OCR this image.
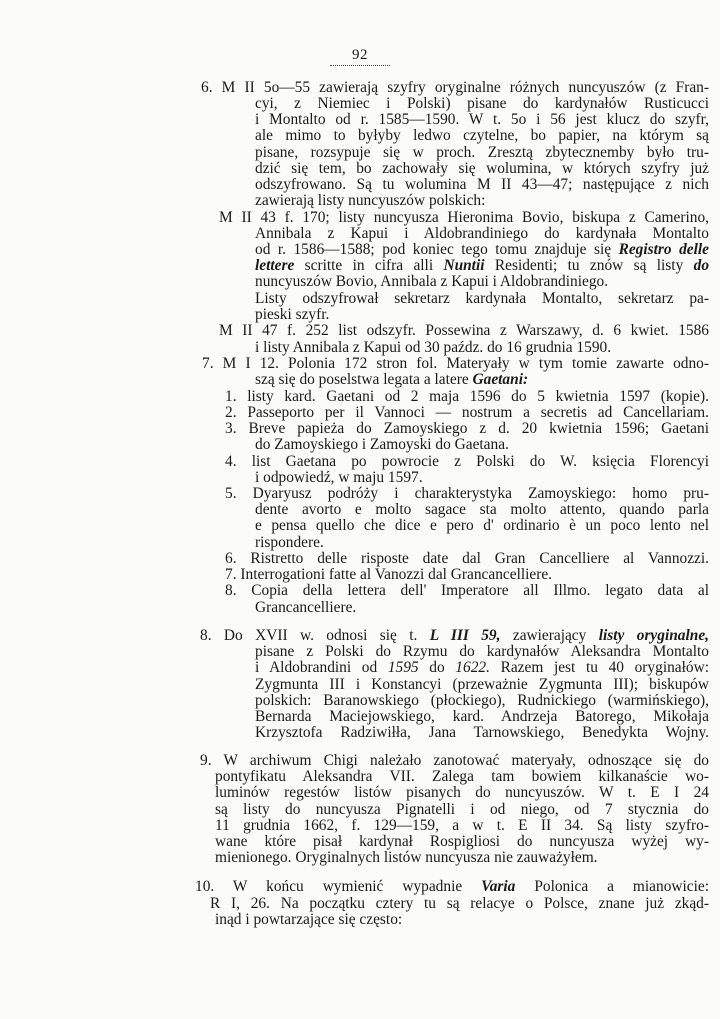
92
6. M II 5o—55 zawierają szyfry oryginalne różnych nuncyuszów (z Fran-
cyi, z Niemiec i Polski) pisane do kardynałów Rusticucci
i Montalto od r. 1585—1590. W t. 5o i 56 jest klucz do szyfr,
ale mimo to byłyby ledwo czytelne, bo papier, na którym są
pisane, rozsypuje się w proch. Zresztą zbytecznemby było tru-
dzić się tem, bo zachowały się wolumina, w których szyfry już
odszyfrowano. Są tu wolumina M II 43—47; następujące z nich
zawierają listy nuncyuszów polskich:
M II 43 f. 170; listy nuncyusza Hieronima Bovio, biskupa z Camerino,
Annibala z Kapui i Aldobrandiniego do kardynała Montalto
od r. 1586—1588; pod koniec tego tomu znajduje się Registro delle
lettere scritte in cifra alli Nuntii Residenti; tu znów są listy do
nuncyuszów Bovio, Annibala z Kapui i Aldobrandiniego.
Listy odszyfrował sekretarz kardynała Montalto, sekretarz pa-
pieski szyfr.
M II 47 f. 252 list odszyfr. Possewina z Warszawy, d. 6 kwiet. 1586
i listy Annibala z Kapui od 30 paźdz. do 16 grudnia 1590.
7. M I 12. Polonia 172 stron fol. Materyały w tym tomie zawarte odno-
szą się do poselstwa legata a latere Gaetani:
1. listy kard. Gaetani od 2 maja 1596 do 5 kwietnia 1597 (kopie).
2. Passeporto per il Vannoci — nostrum a secretis ad Cancellariam.
3. Breve papieża do Zamoyskiego z d. 20 kwietnia 1596; Gaetani
do Zamoyskiego i Zamoyski do Gaetana.
4. list Gaetana po powrocie z Polski do W. księcia Florencyi
i odpowiedź, w maju 1597.
5. Dyaryusz podróży i charakterystyka Zamoyskiego: homo pru-
dente avorto e molto sagace sta molto attento, quando parla
e pensa quello che dice e pero d' ordinario è un poco lento nel
rispondere.
6. Ristretto delle risposte date dal Gran Cancelliere al Vannozzi.
7. Interrogationi fatte al Vanozzi dal Grancancelliere.
8. Copia della lettera dell' Imperatore all Illmo. legato data al
Grancancelliere.
8. Do XVII w. odnosi się t. L III 59, zawierający listy oryginalne,
pisane z Polski do Rzymu do kardynałów Aleksandra Montalto
i Aldobrandini od 1595 do 1622. Razem jest tu 40 oryginałów:
Zygmunta III i Konstancyi (przeważnie Zygmunta III); biskupów
polskich: Baranowskiego (płockiego), Rudnickiego (warmińskiego),
Bernarda Maciejowskiego, kard. Andrzeja Batorego, Mikołaja
Krzysztofa Radziwiłła, Jana Tarnowskiego, Benedykta Wojny.
9. W archiwum Chigi należało zanotować materyały, odnoszące się do
pontyfikatu Aleksandra VII. Zalega tam bowiem kilkanaście wo-
luminów regestów listów pisanych do nuncyuszów. W t. E I 24
są listy do nuncyusza Pignatelli i od niego, od 7 stycznia do
11 grudnia 1662, f. 129—159, a w t. E II 34. Są listy szyfro-
wane które pisał kardynał Rospigliosi do nuncyusza wyżej wy-
mienionego. Oryginalnych listów nuncyusza nie zauważyłem.
10. W końcu wymienić wypadnie Varia Polonica a mianowicie:
R I, 26. Na początku cztery tu są relacye o Polsce, znane już zkąd-
inąd i powtarzające się często:
